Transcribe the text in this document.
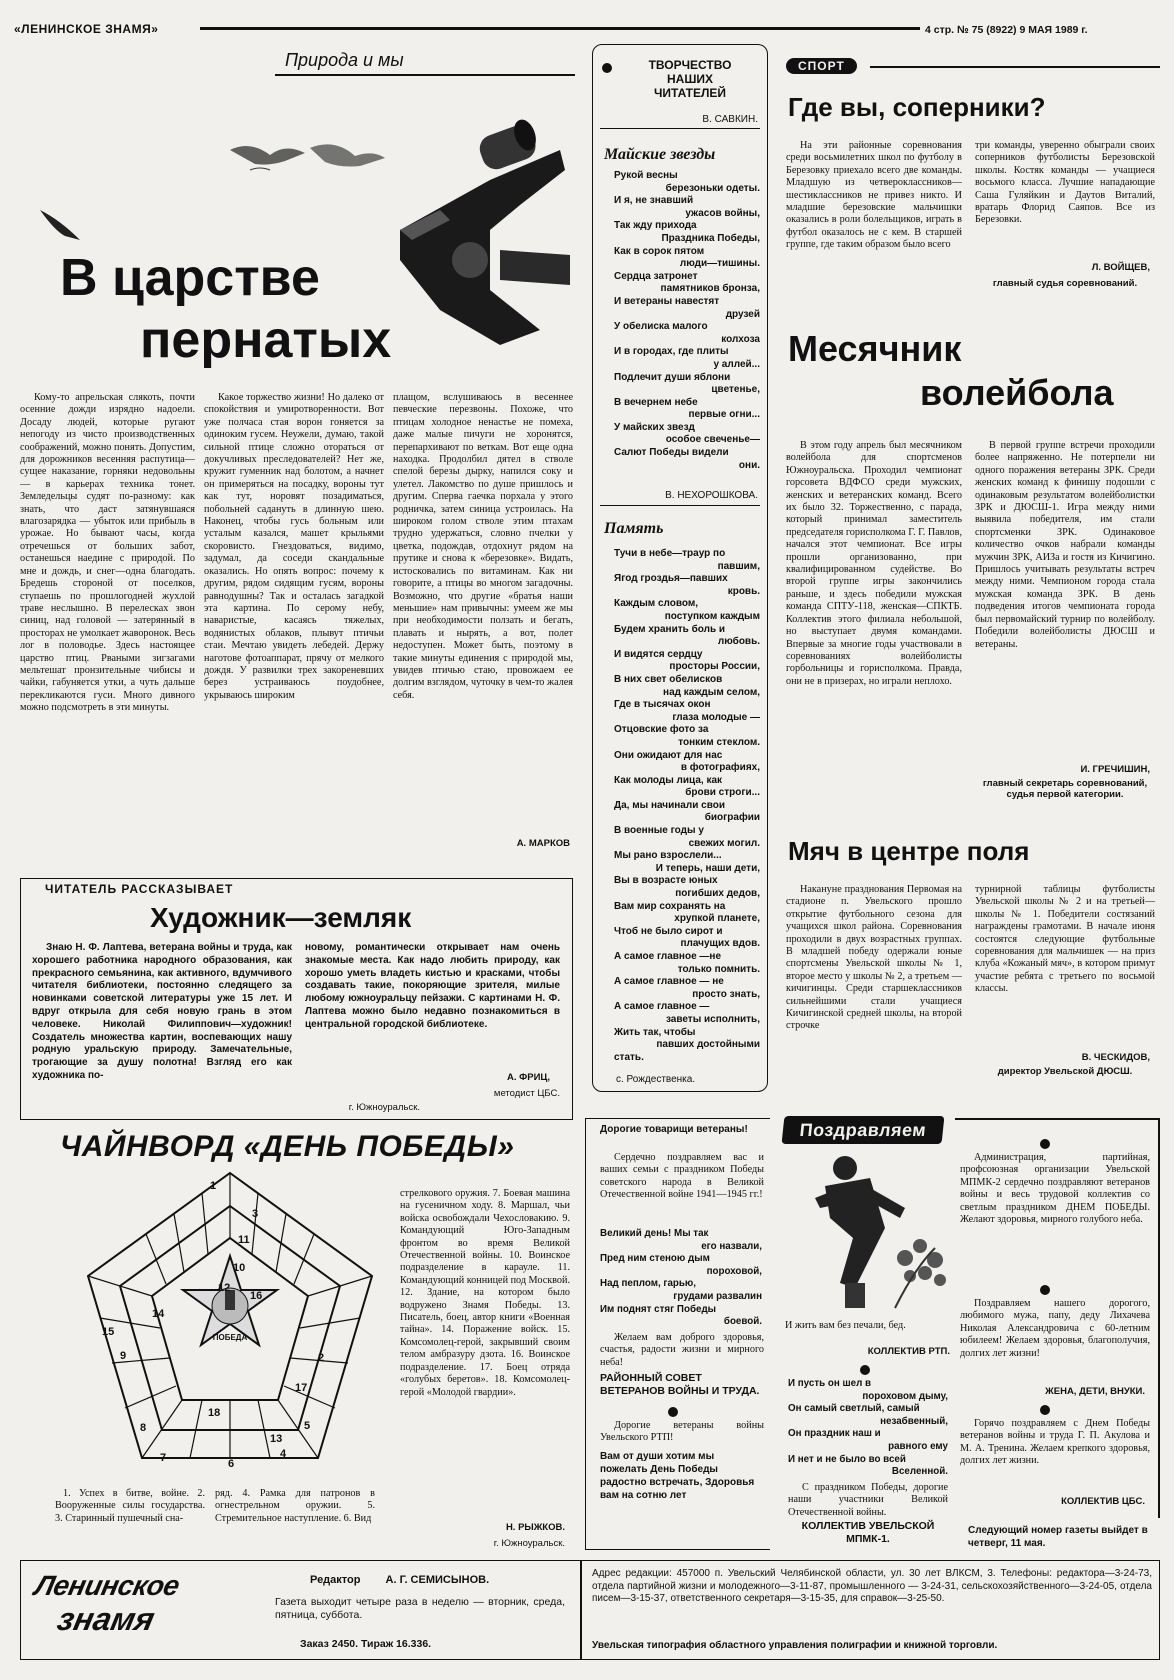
«ЛЕНИНСКОЕ ЗНАМЯ»	4 стр. № 75 (8922) 9 МАЯ 1989 г.
Природа и мы
В царстве
пернатых
Кому-то апрельская слякоть, почти осенние дожди изрядно надоели. Досаду людей, которые ругают непогоду из чисто производственных соображений, можно понять. Допустим, для дорожников весенняя распутица—сущее наказание, горняки недовольны — в карьерах техника тонет. Земледельцы судят по-разному: как знать, что даст затянувшаяся влагозарядка — убыток или прибыль в урожае. Но бывают часы, когда отречешься от больших забот, останешься наедине с природой. По мне и дождь, и снег—одна благодать. Бредешь стороной от поселков, ступаешь по прошлогодней жухлой траве неслышно. В перелесках звон синиц, над головой — затерянный в просторах не умолкает жаворонок. Весь лог в половодье. Здесь настоящее царство птиц. Рваными зигзагами мельтешат пронзительные чибисы и чайки, габуняется утки, а чуть дальше перекликаются гуси. Много дивного можно подсмотреть в эти минуты.
Какое торжество жизни! Но далеко от спокойствия и умиротворенности. Вот уже полчаса стая ворон гоняется за одиноким гусем. Неужели, думаю, такой сильной птице сложно отораться от докучливых преследователей? Нет же, кружит гуменник над болотом, а начнет он примеряться на посадку, вороны тут как тут, норовят позадиматься, побольней садануть в длинную шею. Наконец, чтобы гусь больным или усталым казался, машет крыльями скоровисто. Гнездоваться, видимо, задумал, да соседи скандальные оказались. Но опять вопрос: почему к другим, рядом сидящим гусям, вороны равнодушны? Так и осталась загадкой эта картина. По серому небу, наваристые, касаясь тяжелых, водянистых облаков, плывут птичьи стаи. Мечтаю увидеть лебедей. Держу наготове фотоаппарат, прячу от мелкого дождя. У развилки трех закореневших берез устраиваюсь поудобнее, укрываюсь широким
плащом, вслушиваюсь в весеннее певческие перезвоны. Похоже, что птицам холодное ненастье не помеха, даже малые пичуги не хоронятся, перепархивают по веткам. Вот еще одна находка. Продолбил дятел в стволе спелой березы дырку, напился соку и улетел. Лакомство по душе пришлось и другим. Сперва гаечка порхала у этого родничка, затем синица устроилась. На широком голом стволе этим птахам трудно удержаться, словно пчелки у цветка, подождав, отдохнут рядом на прутике и снова к «березовке». Видать, истосковались по витаминам. Как ни говорите, а птицы во многом загадочны. Возможно, что другие «братья наши меньшие» нам привычны: умеем же мы при необходимости ползать и бегать, плавать и нырять, а вот, полет недоступен. Может быть, поэтому в такие минуты единения с природой мы, увидев птичью стаю, провожаем ее долгим взглядом, чуточку в чем-то жалея себя.
А. МАРКОВ
ЧИТАТЕЛЬ РАССКАЗЫВАЕТ
Художник—земляк
Знаю Н. Ф. Лаптева, ветерана войны и труда, как хорошего работника народного образования, как прекрасного семьянина, как активного, вдумчивого читателя библиотеки, постоянно следящего за новинками советской литературы уже 15 лет. И вдруг открыла для себя новую грань в этом человеке. Николай Филиппович—художник! Создатель множества картин, воспевающих нашу родную уральскую природу. Замечательные, трогающие за душу полотна! Взгляд его как художника по-
новому, романтически открывает нам очень знакомые места. Как надо любить природу, как хорошо уметь владеть кистью и красками, чтобы создавать такие, покоряющие зрителя, милые любому южноуральцу пейзажи. С картинами Н. Ф. Лаптева можно было недавно познакомиться в центральной городской библиотеке.
А. ФРИЦ,
методист ЦБС.
г. Южноуральск.
ЧАЙНВОРД «ДЕНЬ ПОБЕДЫ»
ПОБЕДА
1
3
11
10
12
16
2
17
13
4
18
14
15
9
8
7	6
5
1. Успех в битве, войне. 2. Вооруженные силы государства. 3. Старинный пушечный сна-
ряд. 4. Рамка для патронов в огнестрельном оружии. 5. Стремительное наступление. 6. Вид
стрелкового оружия. 7. Боевая машина на гусеничном ходу. 8. Маршал, чьи войска освобождали Чехословакию. 9. Командующий Юго-Западным фронтом во время Великой Отечественной войны. 10. Воинское подразделение в карауле. 11. Командующий конницей под Москвой. 12. Здание, на котором было водружено Знамя Победы. 13. Писатель, боец, автор книги «Военная тайна». 14. Поражение войск. 15. Комсомолец-герой, закрывший своим телом амбразуру дзота. 16. Воинское подразделение. 17. Боец отряда «голубых беретов». 18. Комсомолец-герой «Молодой гвардии».
Н. РЫЖКОВ.
г. Южноуральск.
ТВОРЧЕСТВО
НАШИХ
ЧИТАТЕЛЕЙ
В. САВКИН.
Майские звезды
Рукой весны
березоньки одеты.
И я, не знавший
ужасов войны,
Так жду прихода
Праздника Победы,
Как в сорок пятом
люди—тишины.
Сердца затронет
памятников бронза,
И ветераны навестят
друзей
У обелиска малого
колхоза
И в городах, где плиты
у аллей...
Подлечит души яблони
цветенье,
В вечернем небе
первые огни...
У майских звезд
особое свеченье—
Салют Победы видели
они.
В. НЕХОРОШКОВА.
Память
Тучи в небе—траур по
павшим,
Ягод гроздья—павших
кровь.
Каждым словом,
поступком каждым
Будем хранить боль и
любовь.
И видятся сердцу
просторы России,
В них свет обелисков
над каждым селом,
Где в тысячах окон
глаза молодые —
Отцовские фото за
тонким стеклом.
Они ожидают для нас
в фотографиях,
Как молоды лица, как
брови строги...
Да, мы начинали свои
биографии
В военные годы у
свежих могил.
Мы рано взрослели...
И теперь, наши дети,
Вы в возрасте юных
погибших дедов,
Вам мир сохранять на
хрупкой планете,
Чтоб не было сирот и
плачущих вдов.
А самое главное —не
только помнить.
А самое главное — не
просто знать,
А самое главное —
заветы исполнить,
Жить так, чтобы
павших достойными
стать.
с. Рождественка.
СПОРТ
Где вы, соперники?
На эти районные соревнования среди восьмилетних школ по футболу в Березовку приехало всего две команды. Младшую из четвероклассников—шестиклассников не привез никто. И младшие березовские мальчишки оказались в роли болельщиков, играть в футбол оказалось не с кем. В старшей группе, где таким образом было всего
три команды, уверенно обыграли своих соперников футболисты Березовской школы. Костяк команды — учащиеся восьмого класса. Лучшие нападающие Саша Гуляйкин и Даутов Виталий, вратарь Флорид Саяпов. Все из Березовки.
Л. ВОЙЩЕВ,
главный судья соревнований.
Месячник
волейбола
В этом году апрель был месячником волейбола для спортсменов Южноуральска. Проходил чемпионат горсовета ВДФСО среди мужских, женских и ветеранских команд. Всего их было 32. Торжественно, с парада, который принимал заместитель председателя горисполкома Г. Г. Павлов, начался этот чемпионат. Все игры прошли организованно, при квалифицированном судействе. Во второй группе игры закончились раньше, и здесь победили мужская команда СПТУ-118, женская—СПКТБ. Коллектив этого филиала небольшой, но выступает двумя командами. Впервые за многие годы участвовали в соревнованиях волейболисты горбольницы и горисполкома. Правда, они не в призерах, но играли неплохо.
В первой группе встречи проходили более напряженно. Не потерпели ни одного поражения ветераны ЗРК. Среди женских команд к финишу подошли с одинаковым результатом волейболистки ЗРК и ДЮСШ-1. Игра между ними выявила победителя, им стали спортсменки ЗРК. Одинаковое количество очков набрали команды мужчин ЗРК, АИЗа и гостя из Кичигино. Пришлось учитывать результаты встреч между ними. Чемпионом города стала мужская команда ЗРК. В день подведения итогов чемпионата города был первомайский турнир по волейболу. Победили волейболисты ДЮСШ и ветераны.
И. ГРЕЧИШИН,
главный секретарь соревнований, судья первой категории.
Мяч в центре поля
Накануне празднования Первомая на стадионе п. Увельского прошло открытие футбольного сезона для учащихся школ района. Соревнования проходили в двух возрастных группах. В младшей победу одержали юные спортсмены Увельской школы № 1, второе место у школы № 2, а третьем — кичигинцы. Среди старшеклассников сильнейшими стали учащиеся Кичигинской средней школы, на второй строчке
турнирной таблицы футболисты Увельской школы № 2 и на третьей—школы № 1. Победители состязаний награждены грамотами. В начале июня состоятся следующие футбольные соревнования для мальчишек — на приз клуба «Кожаный мяч», в котором примут участие ребята с третьего по восьмой классы.
В. ЧЕСКИДОВ,
директор Увельской ДЮСШ.
Дорогие товарищи ветераны!
Сердечно поздравляем вас и ваших семьи с праздником Победы советского народа в Великой Отечественной войне 1941—1945 гг.!
Великий день! Мы так
его назвали,
Пред ним стеною дым
пороховой,
Над пеплом, гарью,
грудами развалин
Им поднят стяг Победы
боевой.
Желаем вам доброго здоровья, счастья, радости жизни и мирного неба!
РАЙОННЫЙ СОВЕТ ВЕТЕРАНОВ ВОЙНЫ И ТРУДА.
Дорогие ветераны войны Увельского РТП!
Вам от души хотим мы пожелать День Победы радостно встречать, Здоровья вам на сотню лет
Поздравляем
И жить вам без печали, бед.
КОЛЛЕКТИВ РТП.
И пусть он шел в
пороховом дыму,
Он самый светлый, самый
незабвенный,
Он праздник наш и
равного ему
И нет и не было во всей
Вселенной.
С праздником Победы, дорогие наши участники Великой Отечественной войны.
КОЛЛЕКТИВ УВЕЛЬСКОЙ МПМК-1.
Администрация, партийная, профсоюзная организации Увельской МПМК-2 сердечно поздравляют ветеранов войны и весь трудовой коллектив со светлым праздником ДНЕМ ПОБЕДЫ. Желают здоровья, мирного голубого неба.
Поздравляем нашего дорогого, любимого мужа, папу, деду Лихачева Николая Александровича с 60-летним юбилеем! Желаем здоровья, благополучия, долгих лет жизни!
ЖЕНА, ДЕТИ, ВНУКИ.
Горячо поздравляем с Днем Победы ветеранов войны и труда Г. П. Акулова и М. А. Тренина. Желаем крепкого здоровья, долгих лет жизни.
КОЛЛЕКТИВ ЦБС.
Следующий номер газеты выйдет в четверг, 11 мая.
Ленинское
знамя
Редактор А. Г. СЕМИСЫНОВ.
Газета выходит четыре раза в неделю — вторник, среда, пятница, суббота.
Заказ 2450. Тираж 16.336.
Адрес редакции: 457000 п. Увельский Челябинской области, ул. 30 лет ВЛКСМ, 3. Телефоны: редактора—3-24-73, отдела партийной жизни и молодежного—3-11-87, промышленного — 3-24-31, сельскохозяйственного—3-24-05, отдела писем—3-15-37, ответственного секретаря—3-15-35, для справок—3-25-50.
Увельская типография областного управления полиграфии и книжной торговли.
